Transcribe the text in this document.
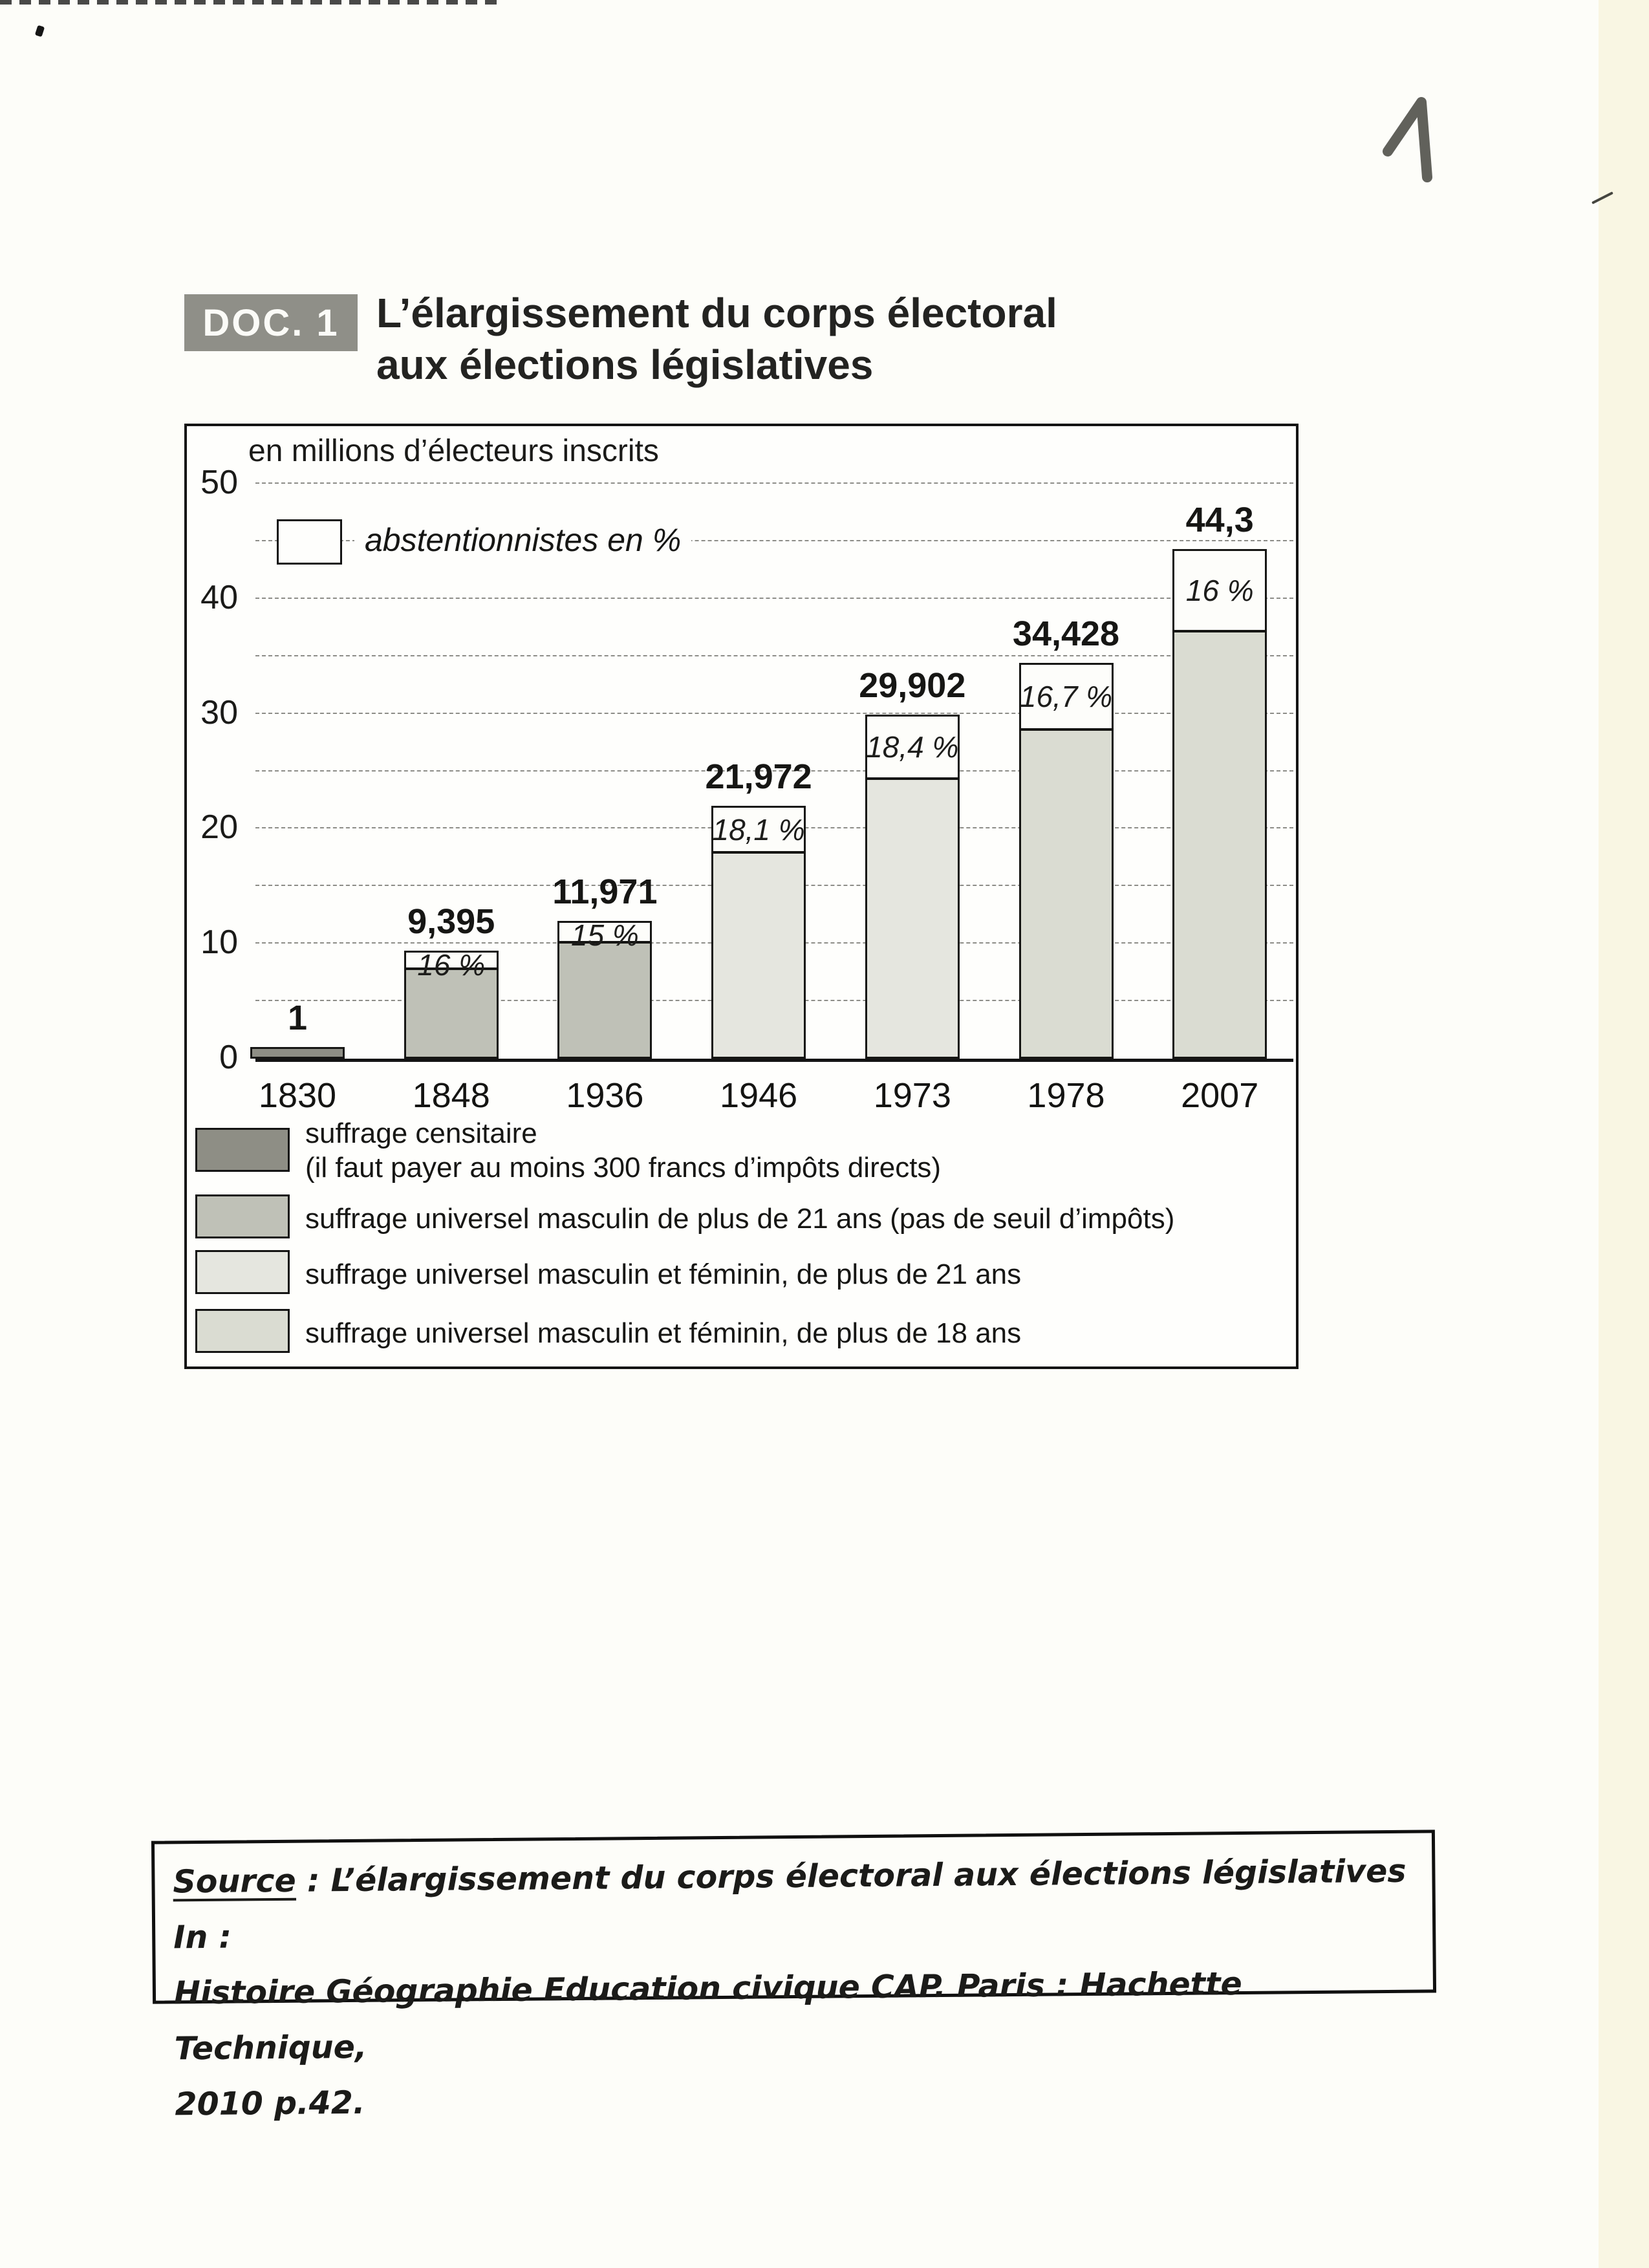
DOC. 1 L’élargissement du corps électoral
aux élections législatives
en millions d’électeurs inscrits
0
10
20
30
40
50
1
1830
16 %
9,395
1848
15 %
11,971
1936
18,1 %
21,972
1946
18,4 %
29,902
1973
16,7 %
34,428
1978
16 %
44,3
2007
abstentionnistes en %
suffrage censitaire
(il faut payer au moins 300 francs d’impôts directs)
suffrage universel masculin de plus de 21 ans (pas de seuil d’impôts)
suffrage universel masculin et féminin, de plus de 21 ans
suffrage universel masculin et féminin, de plus de 18 ans
Source : L’élargissement du corps électoral aux élections législatives In :
Histoire Géographie Education civique CAP. Paris : Hachette Technique,
2010 p.42.
